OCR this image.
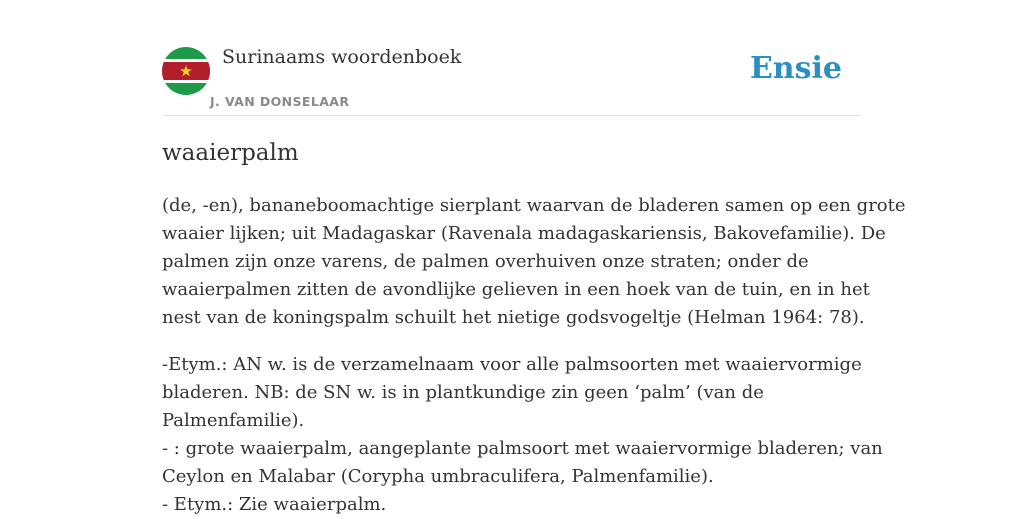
Surinaams woordenboek
J. VAN DONSELAAR
Ensie
waaierpalm

(de, -en), bananeboomachtige sierplant waarvan de bladeren samen op een grote
waaier lijken; uit Madagaskar (Ravenala madagaskariensis, Bakovefamilie). De
palmen zijn onze varens, de palmen overhuiven onze straten; onder de
waaierpalmen zitten de avondlijke gelieven in een hoek van de tuin, en in het
nest van de koningspalm schuilt het nietige godsvogeltje (Helman 1964: 78).

-Etym.: AN w. is de verzamelnaam voor alle palmsoorten met waaiervormige
bladeren. NB: de SN w. is in plantkundige zin geen ‘palm’ (van de
Palmenfamilie).
- : grote waaierpalm, aangeplante palmsoort met waaiervormige bladeren; van
Ceylon en Malabar (Corypha umbraculifera, Palmenfamilie).
- Etym.: Zie waaierpalm.
